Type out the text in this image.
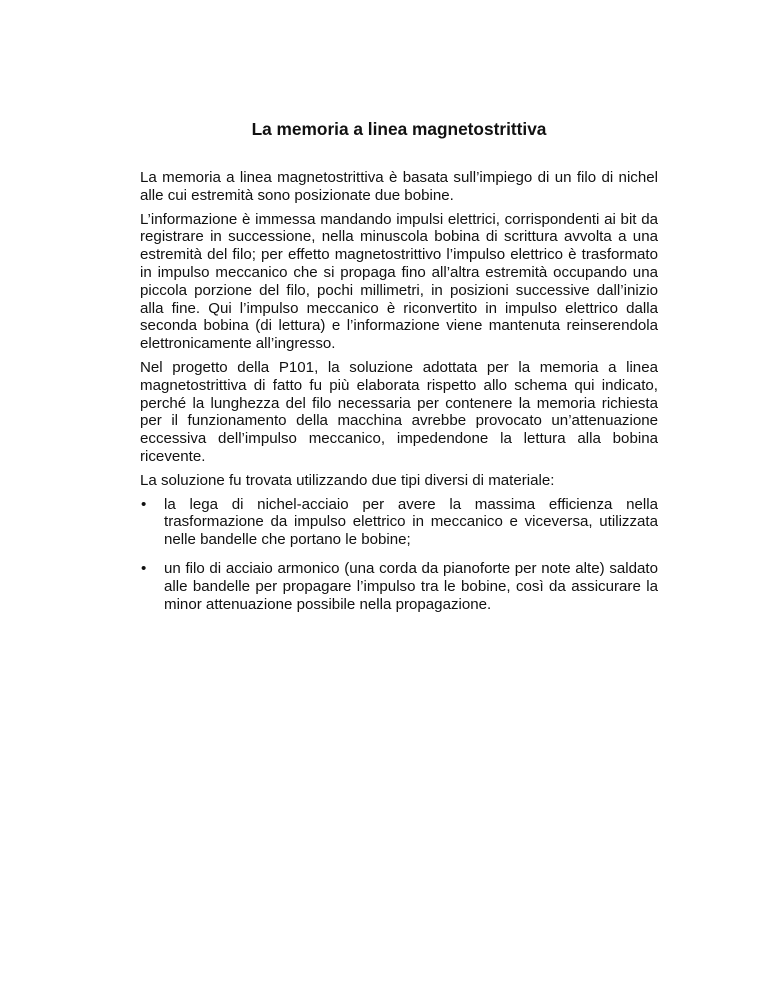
La memoria a linea magnetostrittiva

La memoria a linea magnetostrittiva è basata sull’impiego di un filo di nichel alle cui estremità sono posizionate due bobine.

L’informazione è immessa mandando impulsi elettrici, corrispondenti ai bit da registrare in successione, nella minuscola bobina di scrittura avvolta a una estremità del filo; per effetto magnetostrittivo l’impulso elettrico è trasformato in impulso meccanico che si propaga fino all’altra estremità occupando una piccola porzione del filo, pochi millimetri, in posizioni successive dall’inizio alla fine. Qui l’impulso meccanico è riconvertito in impulso elettrico dalla seconda bobina (di lettura) e l’informazione viene mantenuta reinserendola elettronicamente all’ingresso.

Nel progetto della P101, la soluzione adottata per la memoria a linea magnetostrittiva di fatto fu più elaborata rispetto allo schema qui indicato, perché la lunghezza del filo necessaria per contenere la memoria richiesta per il funzionamento della macchina avrebbe provocato un’attenuazione eccessiva dell’impulso meccanico, impedendone la lettura alla bobina ricevente.

La soluzione fu trovata utilizzando due tipi diversi di materiale:

•	la lega di nichel-acciaio per avere la massima efficienza nella trasformazione da impulso elettrico in meccanico e viceversa, utilizzata nelle bandelle che portano le bobine;
•	un filo di acciaio armonico (una corda da pianoforte per note alte) saldato alle bandelle per propagare l’impulso tra le bobine, così da assicurare la minor attenuazione possibile nella propagazione.
